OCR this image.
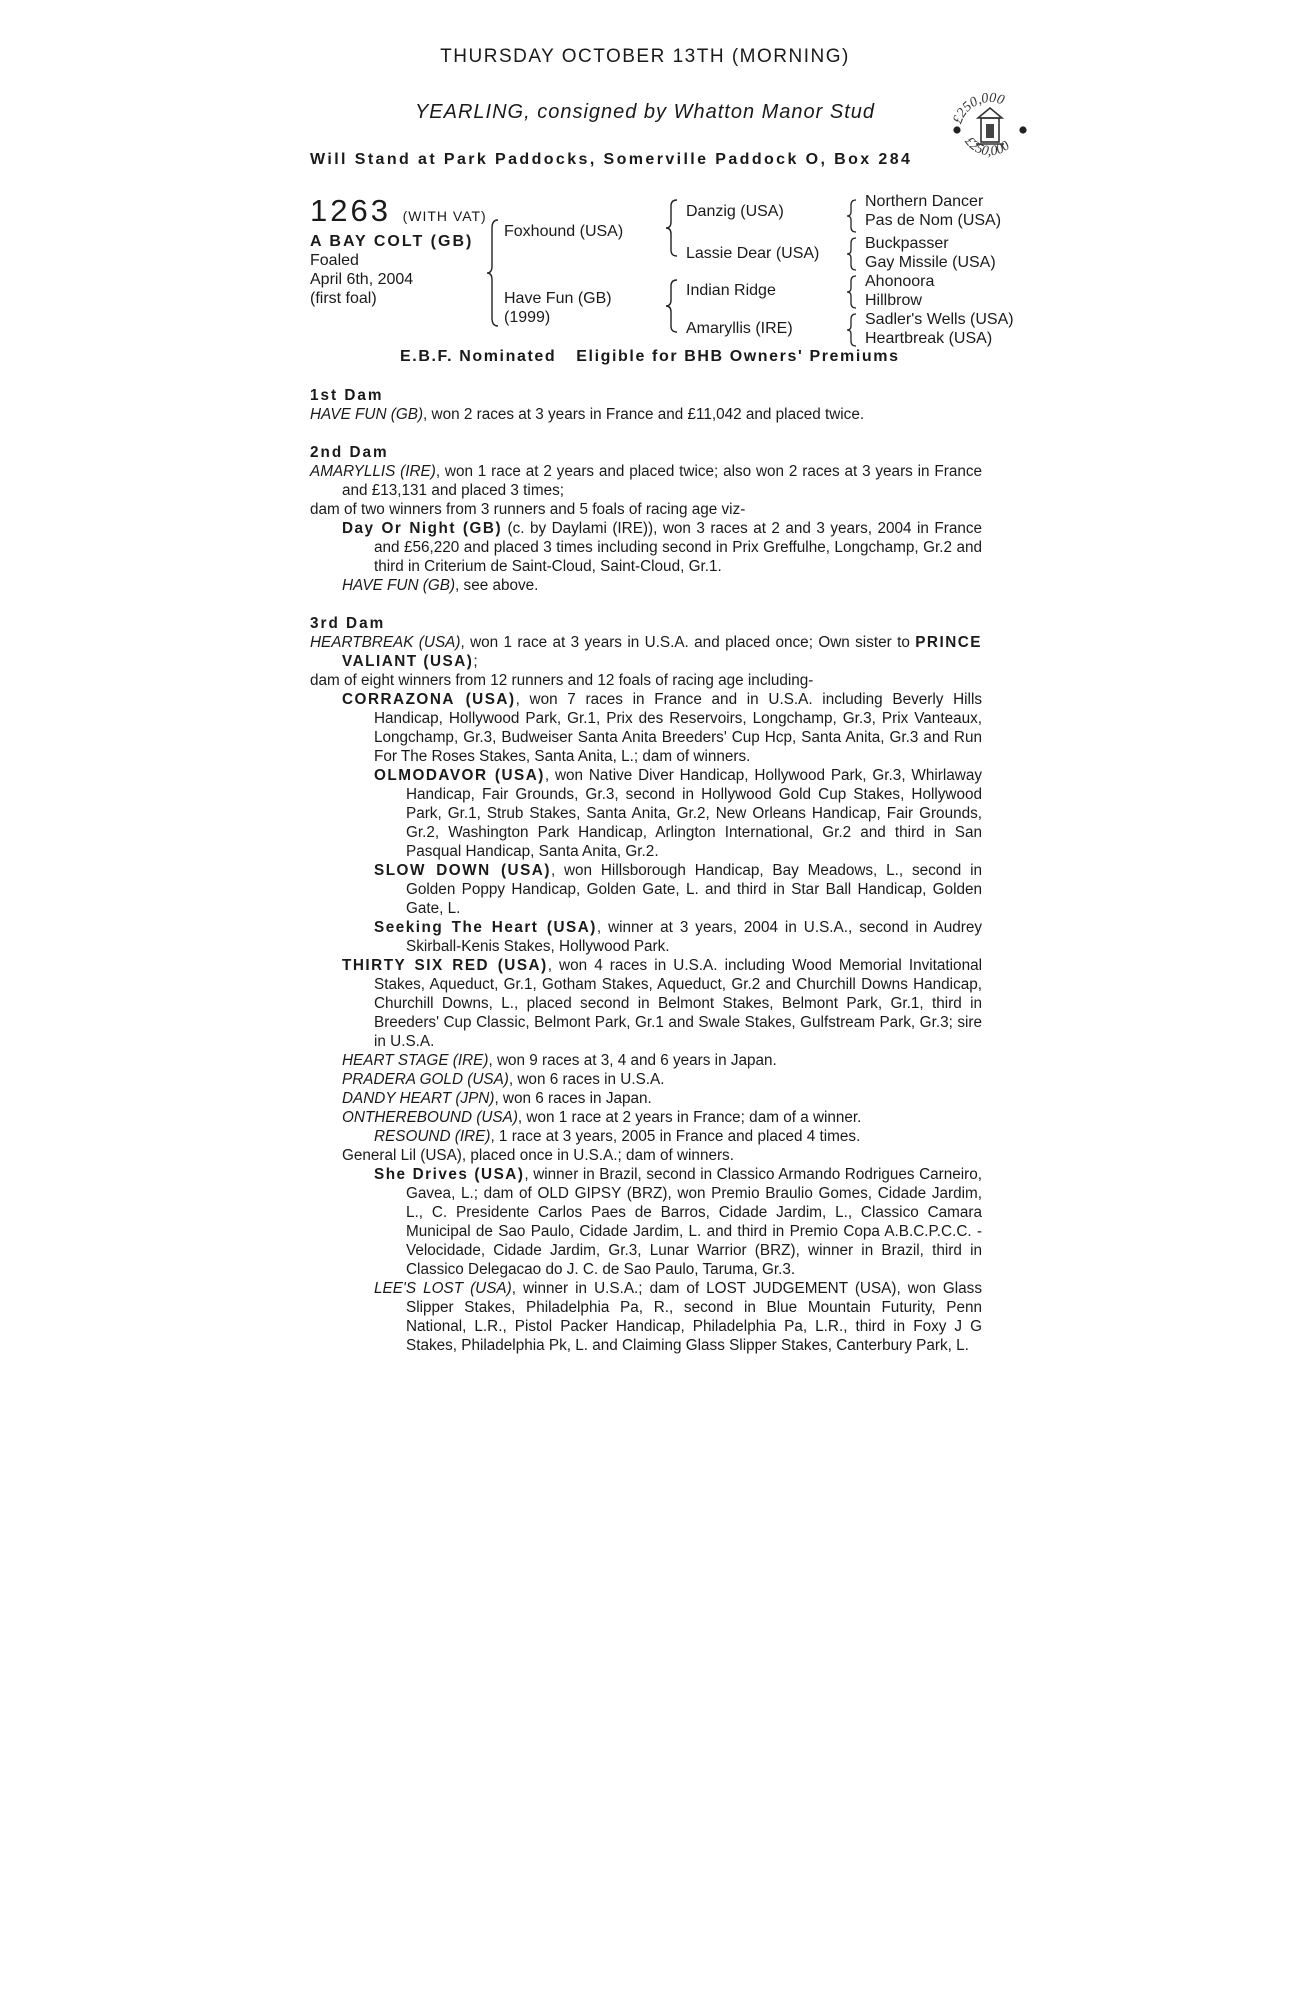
THURSDAY OCTOBER 13TH (MORNING)
YEARLING, consigned by Whatton Manor Stud
Will Stand at Park Paddocks, Somerville Paddock O, Box 284
£250,000
£250,000
1263 (WITH VAT)
A BAY COLT (GB)
Foaled
April 6th, 2004
(first foal)
Foxhound (USA)
Have Fun (GB)
(1999)
Danzig (USA)
Lassie Dear (USA)
Indian Ridge
Amaryllis (IRE)
Northern Dancer
Pas de Nom (USA)
Buckpasser
Gay Missile (USA)
Ahonoora
Hillbrow
Sadler's Wells (USA)
Heartbreak (USA)
E.B.F. Nominated Eligible for BHB Owners' Premiums

1st Dam

HAVE FUN (GB), won 2 races at 3 years in France and £11,042 and placed twice.

2nd Dam

AMARYLLIS (IRE), won 1 race at 2 years and placed twice; also won 2 races at 3 years in France and £13,131 and placed 3 times;

dam of two winners from 3 runners and 5 foals of racing age viz-

Day Or Night (GB) (c. by Daylami (IRE)), won 3 races at 2 and 3 years, 2004 in France and £56,220 and placed 3 times including second in Prix Greffulhe, Longchamp, Gr.2 and third in Criterium de Saint-Cloud, Saint-Cloud, Gr.1.

HAVE FUN (GB), see above.

3rd Dam

HEARTBREAK (USA), won 1 race at 3 years in U.S.A. and placed once; Own sister to PRINCE VALIANT (USA);

dam of eight winners from 12 runners and 12 foals of racing age including-

CORRAZONA (USA), won 7 races in France and in U.S.A. including Beverly Hills Handicap, Hollywood Park, Gr.1, Prix des Reservoirs, Longchamp, Gr.3, Prix Vanteaux, Longchamp, Gr.3, Budweiser Santa Anita Breeders' Cup Hcp, Santa Anita, Gr.3 and Run For The Roses Stakes, Santa Anita, L.; dam of winners.

OLMODAVOR (USA), won Native Diver Handicap, Hollywood Park, Gr.3, Whirlaway Handicap, Fair Grounds, Gr.3, second in Hollywood Gold Cup Stakes, Hollywood Park, Gr.1, Strub Stakes, Santa Anita, Gr.2, New Orleans Handicap, Fair Grounds, Gr.2, Washington Park Handicap, Arlington International, Gr.2 and third in San Pasqual Handicap, Santa Anita, Gr.2.

SLOW DOWN (USA), won Hillsborough Handicap, Bay Meadows, L., second in Golden Poppy Handicap, Golden Gate, L. and third in Star Ball Handicap, Golden Gate, L.

Seeking The Heart (USA), winner at 3 years, 2004 in U.S.A., second in Audrey Skirball-Kenis Stakes, Hollywood Park.

THIRTY SIX RED (USA), won 4 races in U.S.A. including Wood Memorial Invitational Stakes, Aqueduct, Gr.1, Gotham Stakes, Aqueduct, Gr.2 and Churchill Downs Handicap, Churchill Downs, L., placed second in Belmont Stakes, Belmont Park, Gr.1, third in Breeders' Cup Classic, Belmont Park, Gr.1 and Swale Stakes, Gulfstream Park, Gr.3; sire in U.S.A.

HEART STAGE (IRE), won 9 races at 3, 4 and 6 years in Japan.

PRADERA GOLD (USA), won 6 races in U.S.A.

DANDY HEART (JPN), won 6 races in Japan.

ONTHEREBOUND (USA), won 1 race at 2 years in France; dam of a winner.

RESOUND (IRE), 1 race at 3 years, 2005 in France and placed 4 times.

General Lil (USA), placed once in U.S.A.; dam of winners.

She Drives (USA), winner in Brazil, second in Classico Armando Rodrigues Carneiro, Gavea, L.; dam of OLD GIPSY (BRZ), won Premio Braulio Gomes, Cidade Jardim, L., C. Presidente Carlos Paes de Barros, Cidade Jardim, L., Classico Camara Municipal de Sao Paulo, Cidade Jardim, L. and third in Premio Copa A.B.C.P.C.C. - Velocidade, Cidade Jardim, Gr.3, Lunar Warrior (BRZ), winner in Brazil, third in Classico Delegacao do J. C. de Sao Paulo, Taruma, Gr.3.

LEE'S LOST (USA), winner in U.S.A.; dam of LOST JUDGEMENT (USA), won Glass Slipper Stakes, Philadelphia Pa, R., second in Blue Mountain Futurity, Penn National, L.R., Pistol Packer Handicap, Philadelphia Pa, L.R., third in Foxy J G Stakes, Philadelphia Pk, L. and Claiming Glass Slipper Stakes, Canterbury Park, L.
